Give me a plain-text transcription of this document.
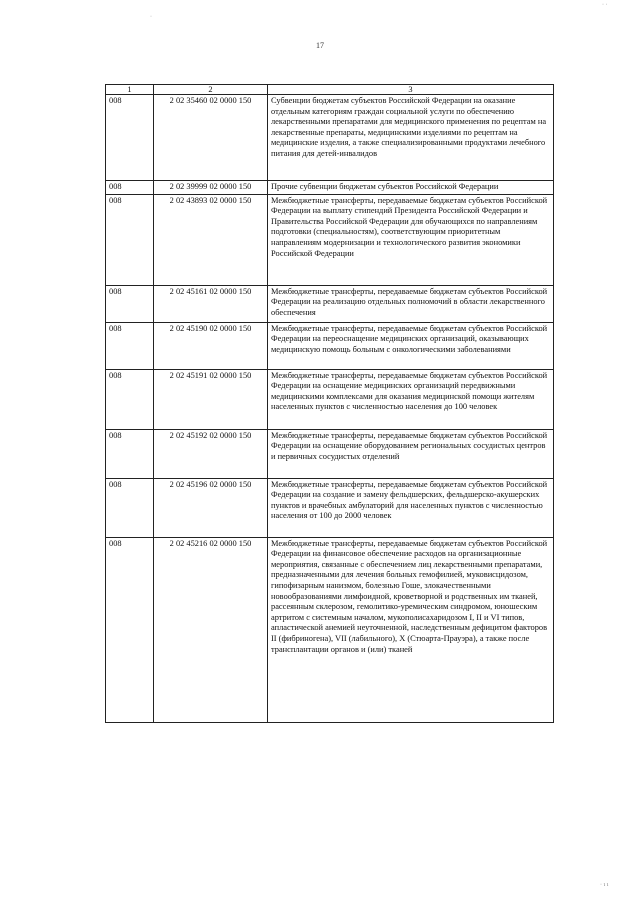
·
· ·
· ι ι
17
1	2	3
008	2 02 35460 02 0000 150	Субвенции бюджетам субъектов Российской Федерации на оказание отдельным категориям граждан социальной услуги по обеспечению лекарственными препаратами для медицинского применения по рецептам на лекарственные препараты, медицинскими изделиями по рецептам на медицинские изделия, а также специализированными продуктами лечебного питания для детей-инвалидов
008	2 02 39999 02 0000 150	Прочие субвенции бюджетам субъектов Российской Федерации
008	2 02 43893 02 0000 150	Межбюджетные трансферты, передаваемые бюджетам субъектов Российской Федерации на выплату стипендий Президента Российской Федерации и Правительства Российской Федерации для обучающихся по направлениям подготовки (специальностям), соответствующим приоритетным направлениям модернизации и технологического развития экономики Российской Федерации
008	2 02 45161 02 0000 150	Межбюджетные трансферты, передаваемые бюджетам субъектов Российской Федерации на реализацию отдельных полномочий в области лекарственного обеспечения
008	2 02 45190 02 0000 150	Межбюджетные трансферты, передаваемые бюджетам субъектов Российской Федерации на переоснащение медицинских организаций, оказывающих медицинскую помощь больным с онкологическими заболеваниями
008	2 02 45191 02 0000 150	Межбюджетные трансферты, передаваемые бюджетам субъектов Российской Федерации на оснащение медицинских организаций передвижными медицинскими комплексами для оказания медицинской помощи жителям населенных пунктов с численностью населения до 100 человек
008	2 02 45192 02 0000 150	Межбюджетные трансферты, передаваемые бюджетам субъектов Российской Федерации на оснащение оборудованием региональных сосудистых центров и первичных сосудистых отделений
008	2 02 45196 02 0000 150	Межбюджетные трансферты, передаваемые бюджетам субъектов Российской Федерации на создание и замену фельдшерских, фельдшерско-акушерских пунктов и врачебных амбулаторий для населенных пунктов с численностью населения от 100 до 2000 человек
008	2 02 45216 02 0000 150	Межбюджетные трансферты, передаваемые бюджетам субъектов Российской Федерации на финансовое обеспечение расходов на организационные мероприятия, связанные с обеспечением лиц лекарственными препаратами, предназначенными для лечения больных гемофилией, муковисцидозом, гипофизарным нанизмом, болезнью Гоше, злокачественными новообразованиями лимфоидной, кроветворной и родственных им тканей, рассеянным склерозом, гемолитико-уремическим синдромом, юношеским артритом с системным началом, мукополисахаридозом I, II и VI типов, апластической анемией неуточненной, наследственным дефицитом факторов II (фибриногена), VII (лабильного), X (Стюарта-Прауэра), а также после трансплантации органов и (или) тканей
